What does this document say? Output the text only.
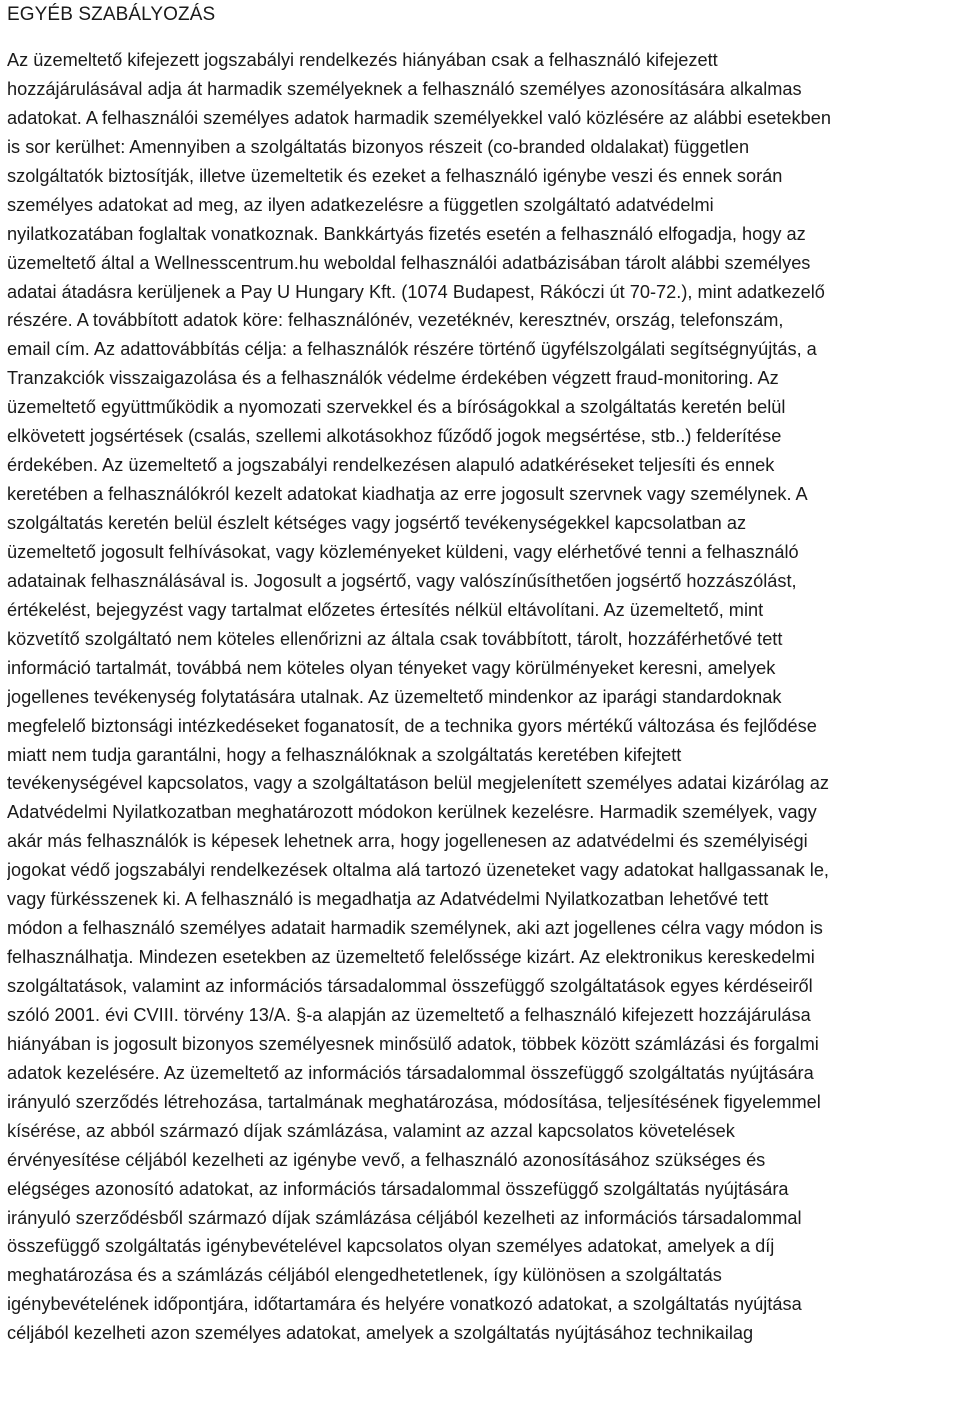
EGYÉB SZABÁLYOZÁS
Az üzemeltető kifejezett jogszabályi rendelkezés hiányában csak a felhasználó kifejezett
hozzájárulásával adja át harmadik személyeknek a felhasználó személyes azonosítására alkalmas
adatokat. A felhasználói személyes adatok harmadik személyekkel való közlésére az alábbi esetekben
is sor kerülhet: Amennyiben a szolgáltatás bizonyos részeit (co-branded oldalakat) független
szolgáltatók biztosítják, illetve üzemeltetik és ezeket a felhasználó igénybe veszi és ennek során
személyes adatokat ad meg, az ilyen adatkezelésre a független szolgáltató adatvédelmi
nyilatkozatában foglaltak vonatkoznak. Bankkártyás fizetés esetén a felhasználó elfogadja, hogy az
üzemeltető által a Wellnesscentrum.hu weboldal felhasználói adatbázisában tárolt alábbi személyes
adatai átadásra kerüljenek a Pay U Hungary Kft. (1074 Budapest, Rákóczi út 70-72.), mint adatkezelő
részére. A továbbított adatok köre: felhasználónév, vezetéknév, keresztnév, ország, telefonszám,
email cím. Az adattovábbítás célja: a felhasználók részére történő ügyfélszolgálati segítségnyújtás, a
Tranzakciók visszaigazolása és a felhasználók védelme érdekében végzett fraud-monitoring. Az
üzemeltető együttműködik a nyomozati szervekkel és a bíróságokkal a szolgáltatás keretén belül
elkövetett jogsértések (csalás, szellemi alkotásokhoz fűződő jogok megsértése, stb..) felderítése
érdekében. Az üzemeltető a jogszabályi rendelkezésen alapuló adatkéréseket teljesíti és ennek
keretében a felhasználókról kezelt adatokat kiadhatja az erre jogosult szervnek vagy személynek. A
szolgáltatás keretén belül észlelt kétséges vagy jogsértő tevékenységekkel kapcsolatban az
üzemeltető jogosult felhívásokat, vagy közleményeket küldeni, vagy elérhetővé tenni a felhasználó
adatainak felhasználásával is. Jogosult a jogsértő, vagy valószínűsíthetően jogsértő hozzászólást,
értékelést, bejegyzést vagy tartalmat előzetes értesítés nélkül eltávolítani. Az üzemeltető, mint
közvetítő szolgáltató nem köteles ellenőrizni az általa csak továbbított, tárolt, hozzáférhetővé tett
információ tartalmát, továbbá nem köteles olyan tényeket vagy körülményeket keresni, amelyek
jogellenes tevékenység folytatására utalnak. Az üzemeltető mindenkor az iparági standardoknak
megfelelő biztonsági intézkedéseket foganatosít, de a technika gyors mértékű változása és fejlődése
miatt nem tudja garantálni, hogy a felhasználóknak a szolgáltatás keretében kifejtett
tevékenységével kapcsolatos, vagy a szolgáltatáson belül megjelenített személyes adatai kizárólag az
Adatvédelmi Nyilatkozatban meghatározott módokon kerülnek kezelésre. Harmadik személyek, vagy
akár más felhasználók is képesek lehetnek arra, hogy jogellenesen az adatvédelmi és személyiségi
jogokat védő jogszabályi rendelkezések oltalma alá tartozó üzeneteket vagy adatokat hallgassanak le,
vagy fürkésszenek ki. A felhasználó is megadhatja az Adatvédelmi Nyilatkozatban lehetővé tett
módon a felhasználó személyes adatait harmadik személynek, aki azt jogellenes célra vagy módon is
felhasználhatja. Mindezen esetekben az üzemeltető felelőssége kizárt. Az elektronikus kereskedelmi
szolgáltatások, valamint az információs társadalommal összefüggő szolgáltatások egyes kérdéseiről
szóló 2001. évi CVIII. törvény 13/A. §-a alapján az üzemeltető a felhasználó kifejezett hozzájárulása
hiányában is jogosult bizonyos személyesnek minősülő adatok, többek között számlázási és forgalmi
adatok kezelésére. Az üzemeltető az információs társadalommal összefüggő szolgáltatás nyújtására
irányuló szerződés létrehozása, tartalmának meghatározása, módosítása, teljesítésének figyelemmel
kísérése, az abból származó díjak számlázása, valamint az azzal kapcsolatos követelések
érvényesítése céljából kezelheti az igénybe vevő, a felhasználó azonosításához szükséges és
elégséges azonosító adatokat, az információs társadalommal összefüggő szolgáltatás nyújtására
irányuló szerződésből származó díjak számlázása céljából kezelheti az információs társadalommal
összefüggő szolgáltatás igénybevételével kapcsolatos olyan személyes adatokat, amelyek a díj
meghatározása és a számlázás céljából elengedhetetlenek, így különösen a szolgáltatás
igénybevételének időpontjára, időtartamára és helyére vonatkozó adatokat, a szolgáltatás nyújtása
céljából kezelheti azon személyes adatokat, amelyek a szolgáltatás nyújtásához technikailag
